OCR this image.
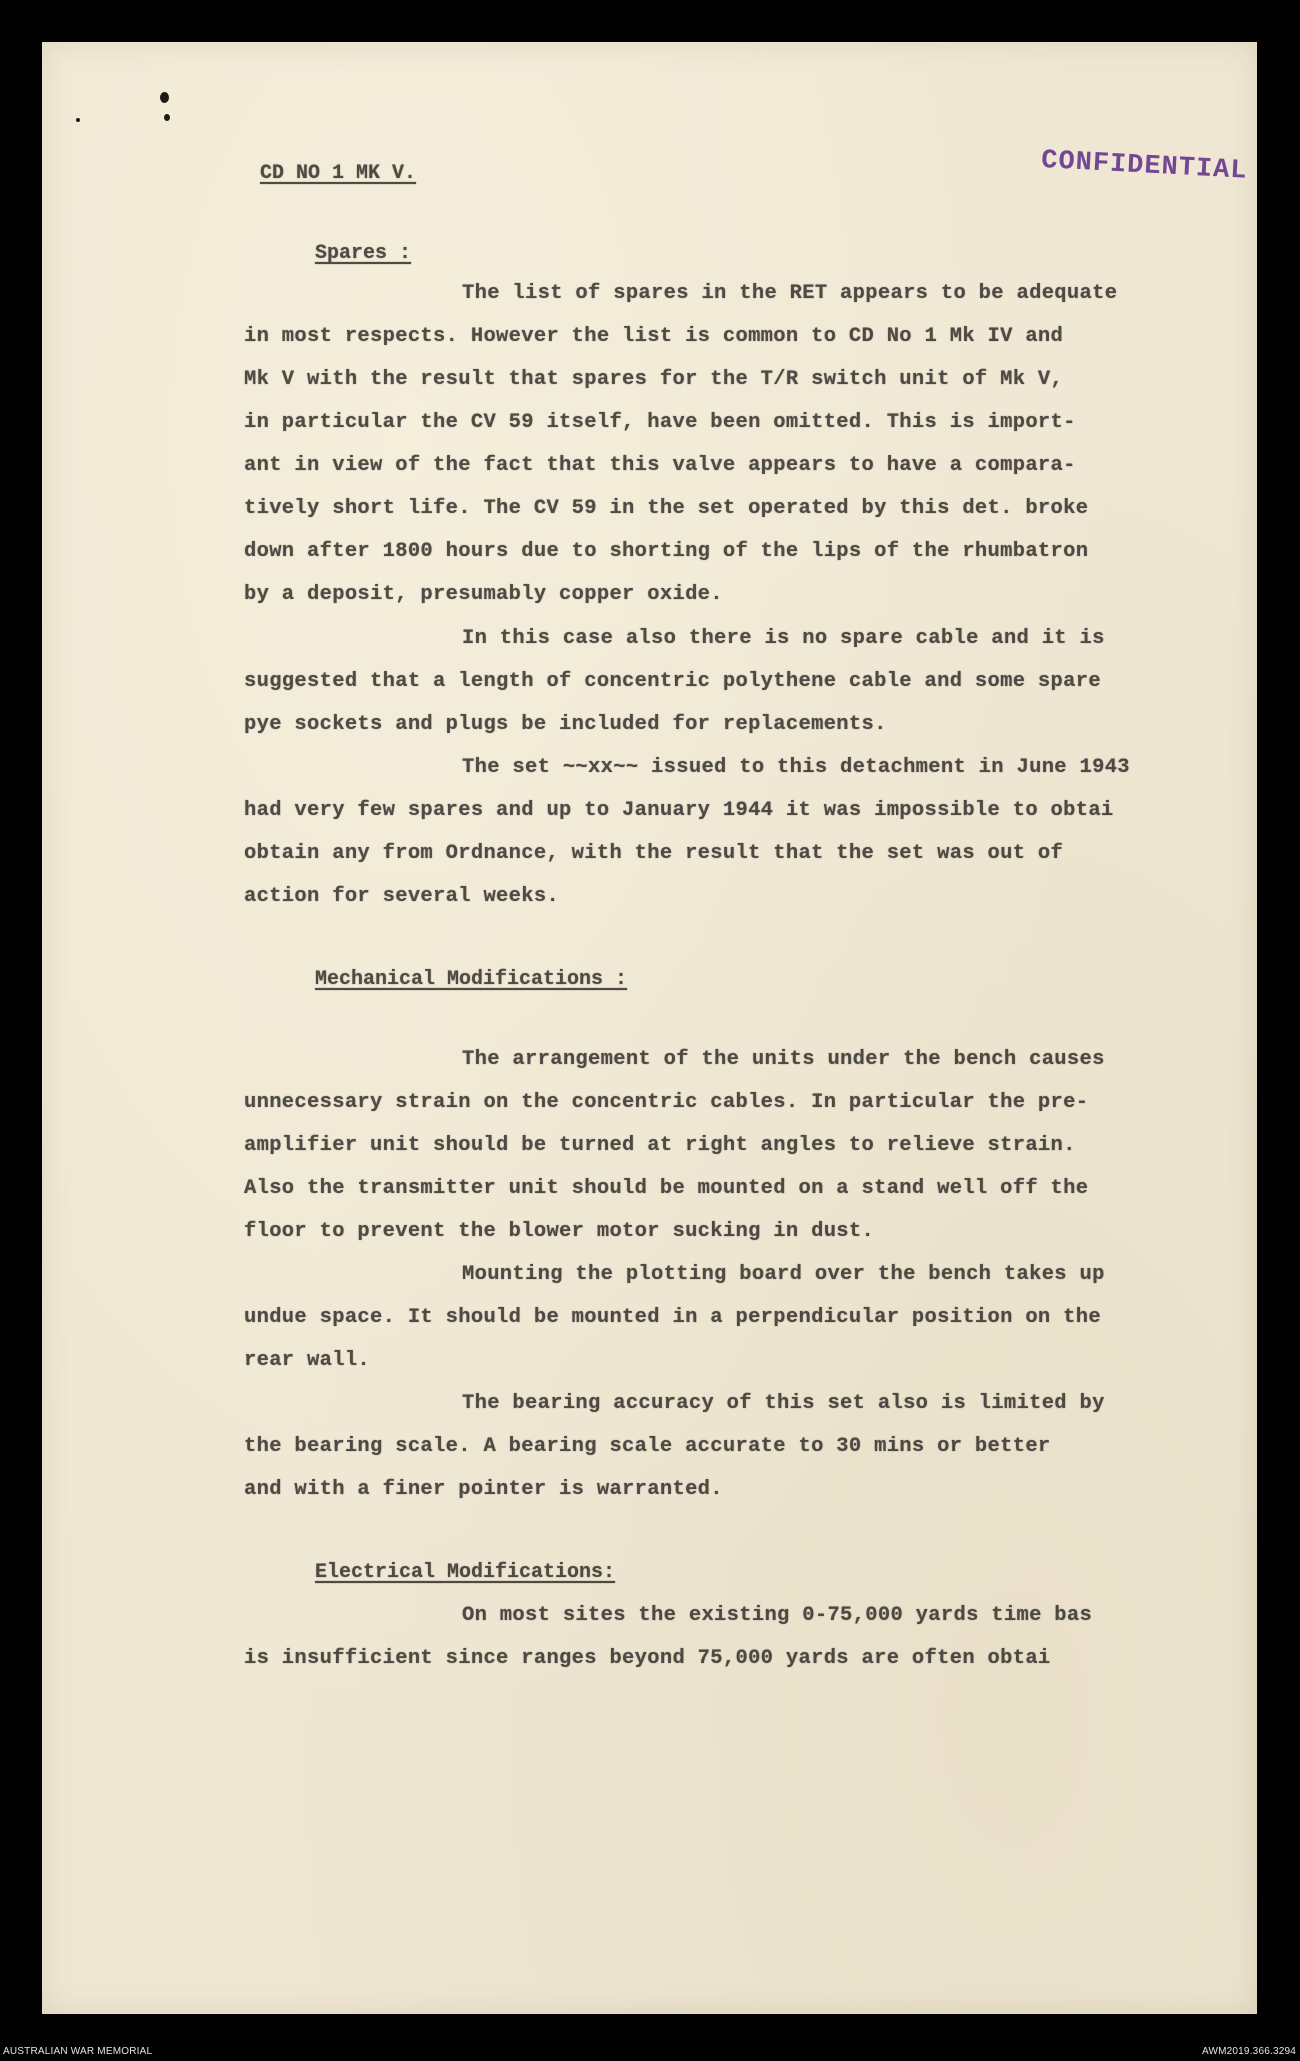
CONFIDENTIAL
CD NO 1 MK V.
Spares :
The list of spares in the RET appears to be adequate
in most respects. However the list is common to CD No 1 Mk IV and
Mk V with the result that spares for the T/R switch unit of Mk V,
in particular the CV 59 itself, have been omitted. This is import-
ant in view of the fact that this valve appears to have a compara-
tively short life. The CV 59 in the set operated by this det. broke
down after 1800 hours due to shorting of the lips of the rhumbatron
by a deposit, presumably copper oxide.
In this case also there is no spare cable and it is
suggested that a length of concentric polythene cable and some spare
pye sockets and plugs be included for replacements.
The set ~~xx~~ issued to this detachment in June 1943
had very few spares and up to January 1944 it was impossible to obtai
obtain any from Ordnance, with the result that the set was out of
action for several weeks.
Mechanical Modifications :
The arrangement of the units under the bench causes
unnecessary strain on the concentric cables. In particular the pre-
amplifier unit should be turned at right angles to relieve strain.
Also the transmitter unit should be mounted on a stand well off the
floor to prevent the blower motor sucking in dust.
Mounting the plotting board over the bench takes up
undue space. It should be mounted in a perpendicular position on the
rear wall.
The bearing accuracy of this set also is limited by
the bearing scale. A bearing scale accurate to 30 mins or better
and with a finer pointer is warranted.
Electrical Modifications:
On most sites the existing 0-75,000 yards time bas
is insufficient since ranges beyond 75,000 yards are often obtai
AUSTRALIAN WAR MEMORIAL	AWM2019.366.3294
